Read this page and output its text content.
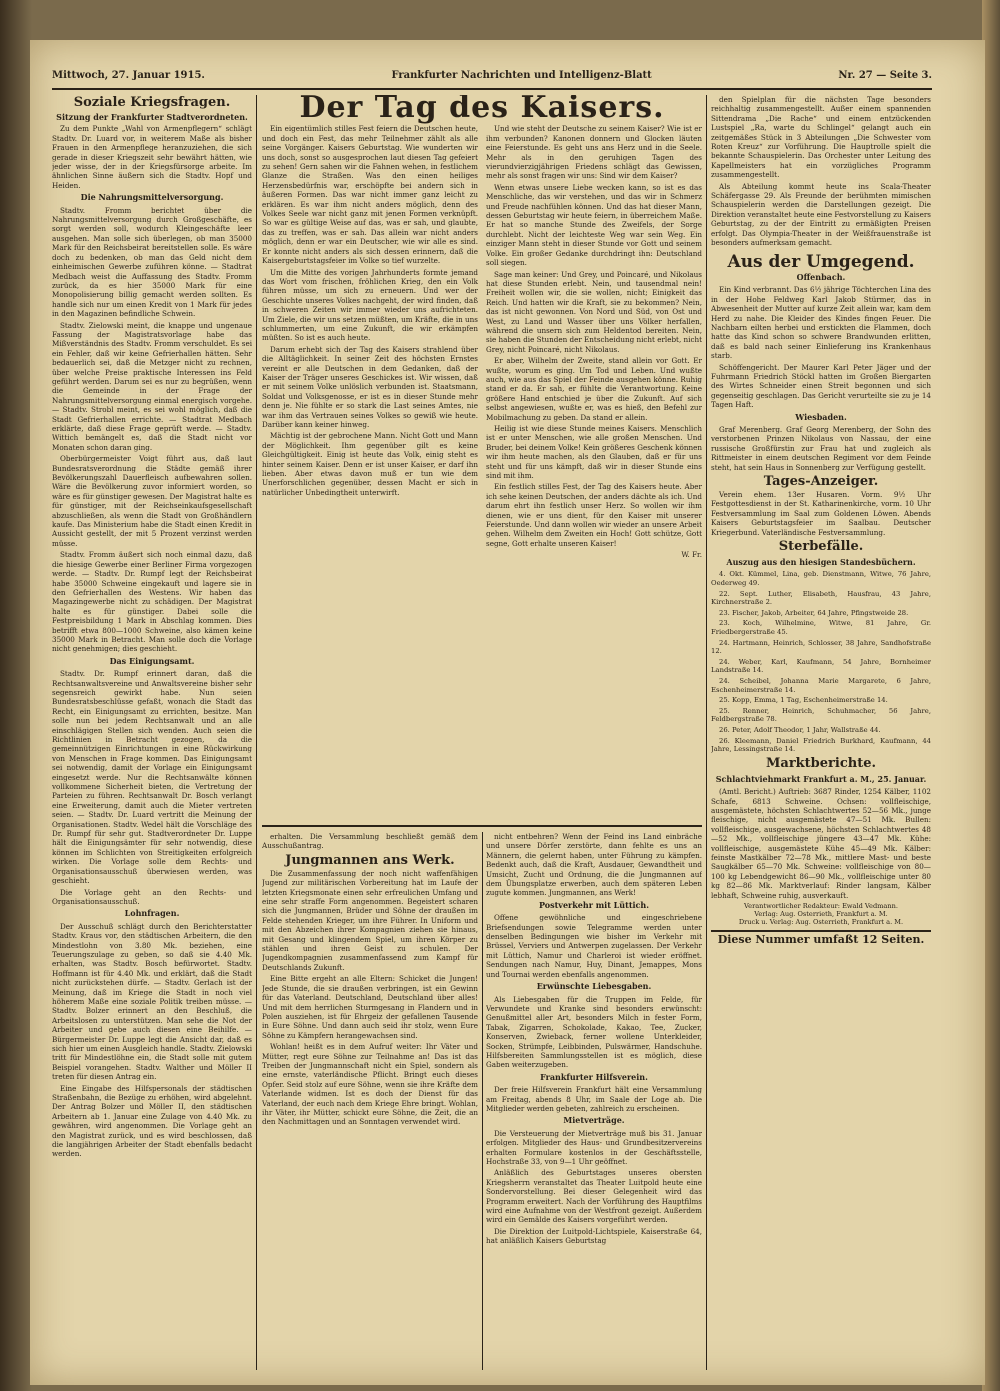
Mittwoch, 27. Januar 1915.	Frankfurter Nachrichten und Intelligenz-Blatt	Nr. 27 — Seite 3.
Soziale Kriegsfragen.
Sitzung der Frankfurter Stadtverordneten.

Zu dem Punkte „Wahl von Armenpflegern“ schlägt Stadtv. Dr. Luard vor, in weiterem Maße als bisher Frauen in den Armenpflege heranzuziehen, die sich gerade in dieser Kriegszeit sehr bewährt hätten, wie jeder wisse, der in der Kriegsfürsorge arbeite. Im ähnlichen Sinne äußern sich die Stadtv. Hopf und Heiden.

Die Nahrungsmittelversorgung.

Stadtv. Fromm berichtet über die Nahrungsmittelversorgung durch Großgeschäfte, es sorgt werden soll, wodurch Kleingeschäfte leer ausgehen. Man solle sich überlegen, ob man 35000 Mark für den Reichsbeirat bereitstellen solle. Es wäre doch zu bedenken, ob man das Geld nicht dem einheimischen Gewerbe zuführen könne. — Stadtrat Medbach weist die Auffassung des Stadtv. Fromm zurück, da es hier 35000 Mark für eine Monopolisierung billig gemacht werden sollten. Es handle sich nur um einen Kredit von 1 Mark für jedes in den Magazinen befindliche Schwein.

Stadtv. Zielowski meint, die knappe und ungenaue Fassung der Magistratsvorlage habe das Mißverständnis des Stadtv. Fromm verschuldet. Es sei ein Fehler, daß wir keine Gefrierhallen hätten. Sehr bedauerlich sei, daß die Metzger nicht zu rechnen, über welche Preise praktische Interessen ins Feld geführt werden. Darum sei es nur zu begrüßen, wenn die Gemeinde in der Frage der Nahrungsmittelversorgung einmal energisch vorgehe. — Stadtv. Strobl meint, es sei wohl möglich, daß die Stadt Gefrierhallen errichte. — Stadtrat Medbach erklärte, daß diese Frage geprüft werde. — Stadtv. Wittich bemängelt es, daß die Stadt nicht vor Monaten schon daran ging.

Oberbürgermeister Voigt führt aus, daß laut Bundesratsverordnung die Städte gemäß ihrer Bevölkerungszahl Dauerfleisch aufbewahren sollen. Wäre die Bevölkerung zuvor informiert worden, so wäre es für günstiger gewesen. Der Magistrat halte es für günstiger, mit der Reichseinkaufsgesellschaft abzuschließen, als wenn die Stadt von Großhändlern kaufe. Das Ministerium habe die Stadt einen Kredit in Aussicht gestellt, der mit 5 Prozent verzinst werden müsse.

Stadtv. Fromm äußert sich noch einmal dazu, daß die hiesige Gewerbe einer Berliner Firma vorgezogen werde. — Stadtv. Dr. Rumpf legt der Reichsbeirat habe 35000 Schweine eingekauft und lagere sie in den Gefrierhallen des Westens. Wir haben das Magazingewerbe nicht zu schädigen. Der Magistrat halte es für günstiger. Dabei solle die Festpreisbildung 1 Mark in Abschlag kommen. Dies betrifft etwa 800—1000 Schweine, also kämen keine 35000 Mark in Betracht. Man solle doch die Vorlage nicht genehmigen; dies geschieht.

Das Einigungsamt.

Stadtv. Dr. Rumpf erinnert daran, daß die Rechtsanwaltsvereine und Anwaltsvereine bisher sehr segensreich gewirkt habe. Nun seien Bundesratsbeschlüsse gefaßt, wonach die Stadt das Recht, ein Einigungsamt zu errichten, besitze. Man solle nun bei jedem Rechtsanwalt und an alle einschlägigen Stellen sich wenden. Auch seien die Richtlinien in Betracht gezogen, da die gemeinnützigen Einrichtungen in eine Rückwirkung von Menschen in Frage kommen. Das Einigungsamt sei notwendig, damit der Vorlage ein Einigungsamt eingesetzt werde. Nur die Rechtsanwälte können vollkommene Sicherheit bieten, die Vertretung der Parteien zu führen. Rechtsanwalt Dr. Bosch verlangt eine Erweiterung, damit auch die Mieter vertreten seien. — Stadtv. Dr. Luard vertritt die Meinung der Organisationen. Stadtv. Wedel hält die Vorschläge des Dr. Rumpf für sehr gut. Stadtverordneter Dr. Luppe hält die Einigungsämter für sehr notwendig, diese können im Schlichten von Streitigkeiten erfolgreich wirken. Die Vorlage solle dem Rechts- und Organisationsausschuß überwiesen werden, was geschieht.

Die Vorlage geht an den Rechts- und Organisationsausschuß.

Lohnfragen.

Der Ausschuß schlägt durch den Berichterstatter Stadtv. Kraus vor, den städtischen Arbeitern, die den Mindestlohn von 3.80 Mk. beziehen, eine Teuerungszulage zu geben, so daß sie 4.40 Mk. erhalten, was Stadtv. Bosch befürwortet. Stadtv. Hoffmann ist für 4.40 Mk. und erklärt, daß die Stadt nicht zurückstehen dürfe. — Stadtv. Gerlach ist der Meinung, daß im Kriege die Stadt in noch viel höherem Maße eine soziale Politik treiben müsse. — Stadtv. Bolzer erinnert an den Beschluß, die Arbeitslosen zu unterstützen. Man sehe die Not der Arbeiter und gebe auch diesen eine Beihilfe. — Bürgermeister Dr. Luppe legt die Ansicht dar, daß es sich hier um einen Ausgleich handle. Stadtv. Zielowski tritt für Mindestlöhne ein, die Stadt solle mit gutem Beispiel vorangehen. Stadtv. Walther und Möller II treten für diesen Antrag ein.

Eine Eingabe des Hilfspersonals der städtischen Straßenbahn, die Bezüge zu erhöhen, wird abgelehnt. Der Antrag Bolzer und Möller II, den städtischen Arbeitern ab 1. Januar eine Zulage von 4.40 Mk. zu gewähren, wird angenommen. Die Vorlage geht an den Magistrat zurück, und es wird beschlossen, daß die langjährigen Arbeiter der Stadt ebenfalls bedacht werden.

Der Tag des Kaisers.

Ein eigentümlich stilles Fest feiern die Deutschen heute, und doch ein Fest, das mehr Teilnehmer zählt als alle seine Vorgänger. Kaisers Geburtstag. Wie wunderten wir uns doch, sonst so ausgesprochen laut diesen Tag gefeiert zu sehen! Gern sahen wir die Fahnen wehen, in festlichem Glanze die Straßen. Was den einen heiliges Herzensbedürfnis war, erschöpfte bei andern sich in äußeren Formen. Das war nicht immer ganz leicht zu erklären. Es war ihm nicht anders möglich, denn des Volkes Seele war nicht ganz mit jenen Formen verknüpft. So war es gültige Weise auf das, was er sah, und glaubte, das zu treffen, was er sah. Das allein war nicht anders möglich, denn er war ein Deutscher, wie wir alle es sind. Er konnte nicht anders als sich dessen erinnern, daß die Kaisergeburtstagsfeier im Volke so tief wurzelte.

Um die Mitte des vorigen Jahrhunderts formte jemand das Wort vom frischen, fröhlichen Krieg, den ein Volk führen müsse, um sich zu erneuern. Und wer der Geschichte unseres Volkes nachgeht, der wird finden, daß in schweren Zeiten wir immer wieder uns aufrichteten. Um Ziele, die wir uns setzen müßten, um Kräfte, die in uns schlummerten, um eine Zukunft, die wir erkämpfen müßten. So ist es auch heute.

Darum erhebt sich der Tag des Kaisers strahlend über die Alltäglichkeit. In seiner Zeit des höchsten Ernstes vereint er alle Deutschen in dem Gedanken, daß der Kaiser der Träger unseres Geschickes ist. Wir wissen, daß er mit seinem Volke unlöslich verbunden ist. Staatsmann, Soldat und Volksgenosse, er ist es in dieser Stunde mehr denn je. Nie fühlte er so stark die Last seines Amtes, nie war ihm das Vertrauen seines Volkes so gewiß wie heute. Darüber kann keiner hinweg.

Mächtig ist der gebrochene Mann. Nicht Gott und Mann der Möglichkeit. Ihm gegenüber gilt es keine Gleichgültigkeit. Einig ist heute das Volk, einig steht es hinter seinem Kaiser. Denn er ist unser Kaiser, er darf ihn lieben. Aber etwas davon muß er tun wie dem Unerforschlichen gegenüber, dessen Macht er sich in natürlicher Unbedingtheit unterwirft.

Und wie steht der Deutsche zu seinem Kaiser? Wie ist er ihm verbunden? Kanonen donnern und Glocken läuten eine Feierstunde. Es geht uns ans Herz und in die Seele. Mehr als in den geruhigen Tagen des vierundvierzigjährigen Friedens schlägt das Gewissen, mehr als sonst fragen wir uns: Sind wir dem Kaiser?

Wenn etwas unsere Liebe wecken kann, so ist es das Menschliche, das wir verstehen, und das wir in Schmerz und Freude nachfühlen können. Und das hat dieser Mann, dessen Geburtstag wir heute feiern, in überreichem Maße. Er hat so manche Stunde des Zweifels, der Sorge durchlebt. Nicht der leichteste Weg war sein Weg. Ein einziger Mann steht in dieser Stunde vor Gott und seinem Volke. Ein großer Gedanke durchdringt ihn: Deutschland soll siegen.

Sage man keiner: Und Grey, und Poincaré, und Nikolaus hat diese Stunden erlebt. Nein, und tausendmal nein! Freiheit wollen wir, die sie wollen, nicht; Einigkeit das Reich. Und hatten wir die Kraft, sie zu bekommen? Nein, das ist nicht gewonnen. Von Nord und Süd, von Ost und West, zu Land und Wasser über uns Völker herfallen, während die unsern sich zum Heldentod bereiten. Nein, sie haben die Stunden der Entscheidung nicht erlebt, nicht Grey, nicht Poincaré, nicht Nikolaus.

Er aber, Wilhelm der Zweite, stand allein vor Gott. Er wußte, worum es ging. Um Tod und Leben. Und wußte auch, wie aus das Spiel der Feinde ausgehen könne. Ruhig stand er da. Er sah, er fühlte die Verantwortung. Keine größere Hand entschied je über die Zukunft. Auf sich selbst angewiesen, wußte er, was es hieß, den Befehl zur Mobilmachung zu geben. Da stand er allein.

Heilig ist wie diese Stunde meines Kaisers. Menschlich ist er unter Menschen, wie alle großen Menschen. Und Bruder, bei deinem Volke! Kein größeres Geschenk können wir ihm heute machen, als den Glauben, daß er für uns steht und für uns kämpft, daß wir in dieser Stunde eins sind mit ihm.

Ein festlich stilles Fest, der Tag des Kaisers heute. Aber ich sehe keinen Deutschen, der anders dächte als ich. Und darum ehrt ihn festlich unser Herz. So wollen wir ihm dienen, wie er uns dient, für den Kaiser mit unserer Feierstunde. Und dann wollen wir wieder an unsere Arbeit gehen. Wilhelm dem Zweiten ein Hoch! Gott schütze, Gott segne, Gott erhalte unseren Kaiser!

W. Fr.

erhalten. Die Versammlung beschließt gemäß dem Ausschußantrag.

Jungmannen ans Werk.

Die Zusammenfassung der noch nicht waffenfähigen Jugend zur militärischen Vorbereitung hat im Laufe der letzten Kriegsmonate einen sehr erfreulichen Umfang und eine sehr straffe Form angenommen. Begeistert scharen sich die Jungmannen, Brüder und Söhne der draußen im Felde stehenden Krieger, um ihre Führer. In Uniform und mit den Abzeichen ihrer Kompagnien ziehen sie hinaus, mit Gesang und klingendem Spiel, um ihren Körper zu stählen und ihren Geist zu schulen. Der Jugendkompagnien zusammenfassend zum Kampf für Deutschlands Zukunft.

Eine Bitte ergeht an alle Eltern: Schicket die Jungen! Jede Stunde, die sie draußen verbringen, ist ein Gewinn für das Vaterland. Deutschland, Deutschland über alles! Und mit dem herrlichen Sturmgesang in Flandern und in Polen ausziehen, ist für Ehrgeiz der gefallenen Tausende in Eure Söhne. Und dann auch seid ihr stolz, wenn Eure Söhne zu Kämpfern herangewachsen sind.

Wohlan! heißt es in dem Aufruf weiter: Ihr Väter und Mütter, regt eure Söhne zur Teilnahme an! Das ist das Treiben der Jungmannschaft nicht ein Spiel, sondern als eine ernste, vaterländische Pflicht. Bringt euch dieses Opfer. Seid stolz auf eure Söhne, wenn sie ihre Kräfte dem Vaterlande widmen. Ist es doch der Dienst für das Vaterland, der euch nach dem Kriege Ehre bringt. Wohlan, ihr Väter, ihr Mütter, schickt eure Söhne, die Zeit, die an den Nachmittagen und an Sonntagen verwendet wird.

nicht entbehren? Wenn der Feind ins Land einbräche und unsere Dörfer zerstörte, dann fehlte es uns an Männern, die gelernt haben, unter Führung zu kämpfen. Bedenkt auch, daß die Kraft, Ausdauer, Gewandtheit und Umsicht, Zucht und Ordnung, die die Jungmannen auf dem Übungsplatze erwerben, auch dem späteren Leben zugute kommen. Jungmannen, ans Werk!

Postverkehr mit Lüttich.

Offene gewöhnliche und eingeschriebene Briefsendungen sowie Telegramme werden unter denselben Bedingungen wie bisher im Verkehr mit Brüssel, Verviers und Antwerpen zugelassen. Der Verkehr mit Lüttich, Namur und Charleroi ist wieder eröffnet. Sendungen nach Namur, Huy, Dinant, Jemappes, Mons und Tournai werden ebenfalls angenommen.

Erwünschte Liebesgaben.

Als Liebesgaben für die Truppen im Felde, für Verwundete und Kranke sind besonders erwünscht: Genußmittel aller Art, besonders Milch in fester Form, Tabak, Zigarren, Schokolade, Kakao, Tee, Zucker, Konserven, Zwieback, ferner wollene Unterkleider, Socken, Strümpfe, Leibbinden, Pulswärmer, Handschuhe. Hilfsbereiten Sammlungsstellen ist es möglich, diese Gaben weiterzugeben.

Frankfurter Hilfsverein.

Der freie Hilfsverein Frankfurt hält eine Versammlung am Freitag, abends 8 Uhr, im Saale der Loge ab. Die Mitglieder werden gebeten, zahlreich zu erscheinen.

Mietverträge.

Die Versteuerung der Mietverträge muß bis 31. Januar erfolgen. Mitglieder des Haus- und Grundbesitzervereins erhalten Formulare kostenlos in der Geschäftsstelle, Hochstraße 33, von 9—1 Uhr geöffnet.

Anläßlich des Geburtstages unseres obersten Kriegsherrn veranstaltet das Theater Luitpold heute eine Sondervorstellung. Bei dieser Gelegenheit wird das Programm erweitert. Nach der Vorführung des Hauptfilms wird eine Aufnahme von der Westfront gezeigt. Außerdem wird ein Gemälde des Kaisers vorgeführt werden.

Die Direktion der Luitpold-Lichtspiele, Kaiserstraße 64, hat anläßlich Kaisers Geburtstag

den Spielplan für die nächsten Tage besonders reichhaltig zusammengestellt. Außer einem spannenden Sittendrama „Die Rache“ und einem entzückenden Lustspiel „Ra, warte du Schlingel“ gelangt auch ein zeitgemäßes Stück in 3 Abteilungen „Die Schwester vom Roten Kreuz“ zur Vorführung. Die Hauptrolle spielt die bekannte Schauspielerin. Das Orchester unter Leitung des Kapellmeisters hat ein vorzügliches Programm zusammengestellt.

Als Abteilung kommt heute ins Scala-Theater Schäfergasse 29. Als Freunde der berühmten mimischen Schauspielerin werden die Darstellungen gezeigt. Die Direktion veranstaltet heute eine Festvorstellung zu Kaisers Geburtstag, zu der der Eintritt zu ermäßigten Preisen erfolgt. Das Olympia-Theater in der Weißfrauenstraße ist besonders aufmerksam gemacht.

Aus der Umgegend.
Offenbach.

Ein Kind verbrannt. Das 6½ jährige Töchterchen Lina des in der Hohe Feldweg Karl Jakob Stürmer, das in Abwesenheit der Mutter auf kurze Zeit allein war, kam dem Herd zu nahe. Die Kleider des Kindes fingen Feuer. Die Nachbarn eilten herbei und erstickten die Flammen, doch hatte das Kind schon so schwere Brandwunden erlitten, daß es bald nach seiner Einlieferung ins Krankenhaus starb.

Schöffengericht. Der Maurer Karl Peter Jäger und der Fuhrmann Friedrich Stöckl hatten im Großen Biergarten des Wirtes Schneider einen Streit begonnen und sich gegenseitig geschlagen. Das Gericht verurteilte sie zu je 14 Tagen Haft.

Wiesbaden.

Graf Merenberg. Graf Georg Merenberg, der Sohn des verstorbenen Prinzen Nikolaus von Nassau, der eine russische Großfürstin zur Frau hat und zugleich als Rittmeister in einem deutschen Regiment vor dem Feinde steht, hat sein Haus in Sonnenberg zur Verfügung gestellt.

Tages-Anzeiger.

Verein ehem. 13er Husaren. Vorm. 9½ Uhr Festgottesdienst in der St. Katharinenkirche, vorm. 10 Uhr Festversammlung im Saal zum Goldenen Löwen. Abends Kaisers Geburtstagsfeier im Saalbau. Deutscher Kriegerbund. Vaterländische Festversammlung.

Sterbefälle.
Auszug aus den hiesigen Standesbüchern.

4. Okt. Kümmel, Lina, geb. Dienstmann, Witwe, 76 Jahre, Oederweg 49.

22. Sept. Luther, Elisabeth, Hausfrau, 43 Jahre, Kirchnerstraße 2.

23. Fischer, Jakob, Arbeiter, 64 Jahre, Pfingstweide 28.

23. Koch, Wilhelmine, Witwe, 81 Jahre, Gr. Friedbergerstraße 45.

24. Hartmann, Heinrich, Schlosser, 38 Jahre, Sandhofstraße 12.

24. Weber, Karl, Kaufmann, 54 Jahre, Bornheimer Landstraße 14.

24. Scheibel, Johanna Marie Margarete, 6 Jahre, Eschenheimerstraße 14.

25. Kopp, Emma, 1 Tag, Eschenheimerstraße 14.

25. Renner, Heinrich, Schuhmacher, 56 Jahre, Feldbergstraße 78.

26. Peter, Adolf Theodor, 1 Jahr, Wallstraße 44.

26. Kleemann, Daniel Friedrich Burkhard, Kaufmann, 44 Jahre, Lessingstraße 14.

Marktberichte.
Schlachtviehmarkt Frankfurt a. M., 25. Januar.

(Amtl. Bericht.) Auftrieb: 3687 Rinder, 1254 Kälber, 1102 Schafe, 6813 Schweine. Ochsen: vollfleischige, ausgemästete, höchsten Schlachtwertes 52—56 Mk., junge fleischige, nicht ausgemästete 47—51 Mk. Bullen: vollfleischige, ausgewachsene, höchsten Schlachtwertes 48—52 Mk., vollfleischige jüngere 43—47 Mk. Kühe: vollfleischige, ausgemästete Kühe 45—49 Mk. Kälber: feinste Mastkälber 72—78 Mk., mittlere Mast- und beste Saugkälber 65—70 Mk. Schweine: vollfleischige von 80—100 kg Lebendgewicht 86—90 Mk., vollfleischige unter 80 kg 82—86 Mk. Marktverlauf: Rinder langsam, Kälber lebhaft, Schweine ruhig, ausverkauft.

Verantwortlicher Redakteur: Ewald Vedmann.
Verlag: Aug. Osterrieth, Frankfurt a. M.
Druck u. Verlag: Aug. Osterrieth, Frankfurt a. M.
Diese Nummer umfaßt 12 Seiten.
